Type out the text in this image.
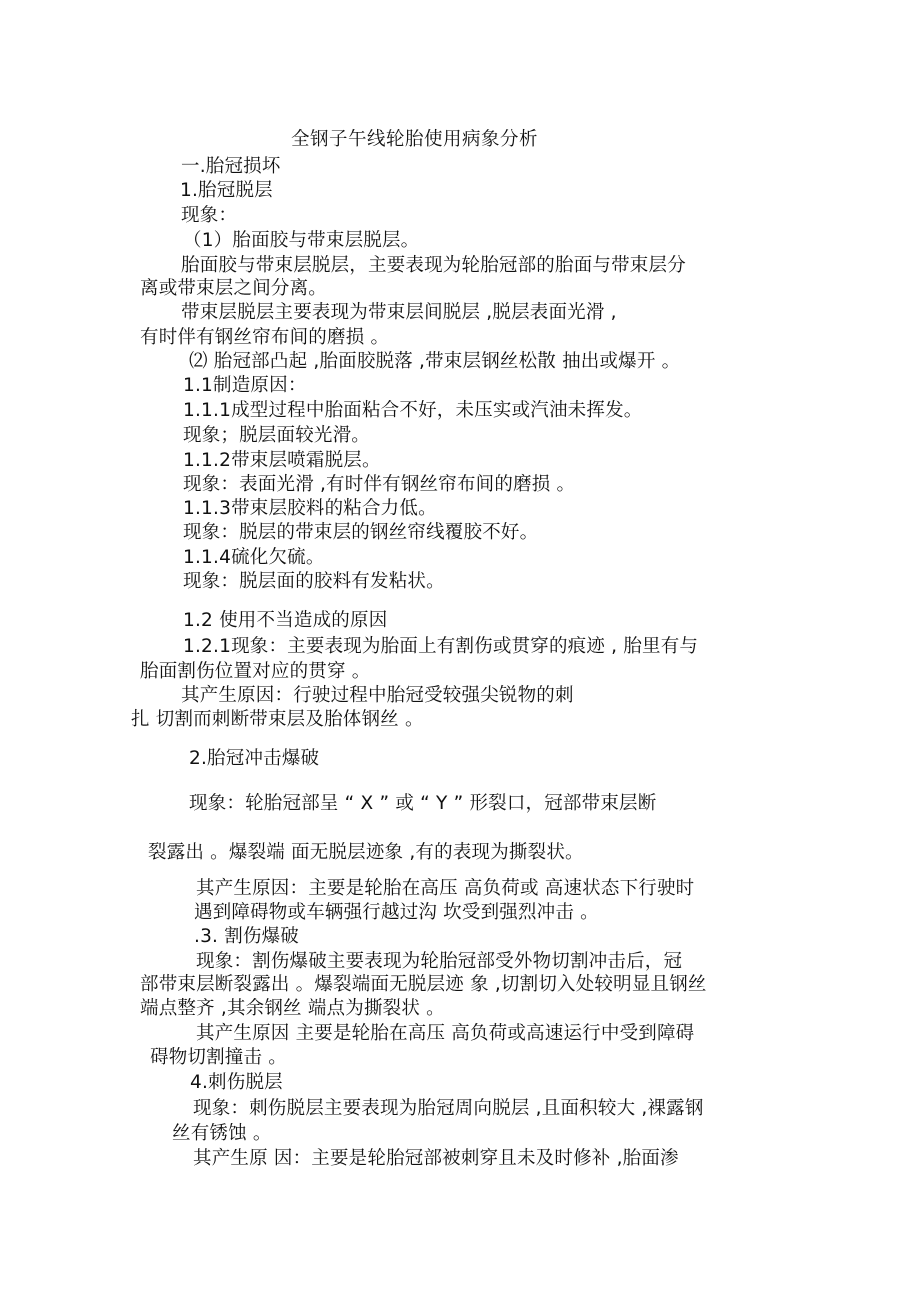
全钢子午线轮胎使用病象分析
一.胎冠损坏
1.胎冠脱层
现象：
（1）胎面胶与带束层脱层。
胎面胶与带束层脱层，主要表现为轮胎冠部的胎面与带束层分
离或带束层之间分离。
带束层脱层主要表现为带束层间脱层 ,脱层表面光滑 ,
有时伴有钢丝帘布间的磨损 。
⑵ 胎冠部凸起 ,胎面胶脱落 ,带束层钢丝松散 抽出或爆开 。
1.1制造原因：
1.1.1成型过程中胎面粘合不好，未压实或汽油未挥发。
现象；脱层面较光滑。
1.1.2带束层喷霜脱层。
现象：表面光滑 ,有时伴有钢丝帘布间的磨损 。
1.1.3带束层胶料的粘合力低。
现象：脱层的带束层的钢丝帘线覆胶不好。
1.1.4硫化欠硫。
现象：脱层面的胶料有发粘状。
1.2 使用不当造成的原因
1.2.1现象：主要表现为胎面上有割伤或贯穿的痕迹 , 胎里有与
胎面割伤位置对应的贯穿 。
其产生原因：行驶过程中胎冠受较强尖锐物的刺
扎 切割而刺断带束层及胎体钢丝 。
2.胎冠冲击爆破
现象：轮胎冠部呈 “ X ” 或 “ Y ” 形裂口，冠部带束层断
裂露出 。爆裂端 面无脱层迹象 ,有的表现为撕裂状。
其产生原因：主要是轮胎在高压 高负荷或 高速状态下行驶时
遇到障碍物或车辆强行越过沟 坎受到强烈冲击 。
.3. 割伤爆破
现象：割伤爆破主要表现为轮胎冠部受外物切割冲击后，冠
部带束层断裂露出 。爆裂端面无脱层迹 象 ,切割切入处较明显且钢丝
端点整齐 ,其余钢丝 端点为撕裂状 。
其产生原因 主要是轮胎在高压 高负荷或高速运行中受到障碍
碍物切割撞击 。
4.刺伤脱层
现象：刺伤脱层主要表现为胎冠周向脱层 ,且面积较大 ,裸露钢
丝有锈蚀 。
其产生原 因：主要是轮胎冠部被刺穿且未及时修补 ,胎面渗
